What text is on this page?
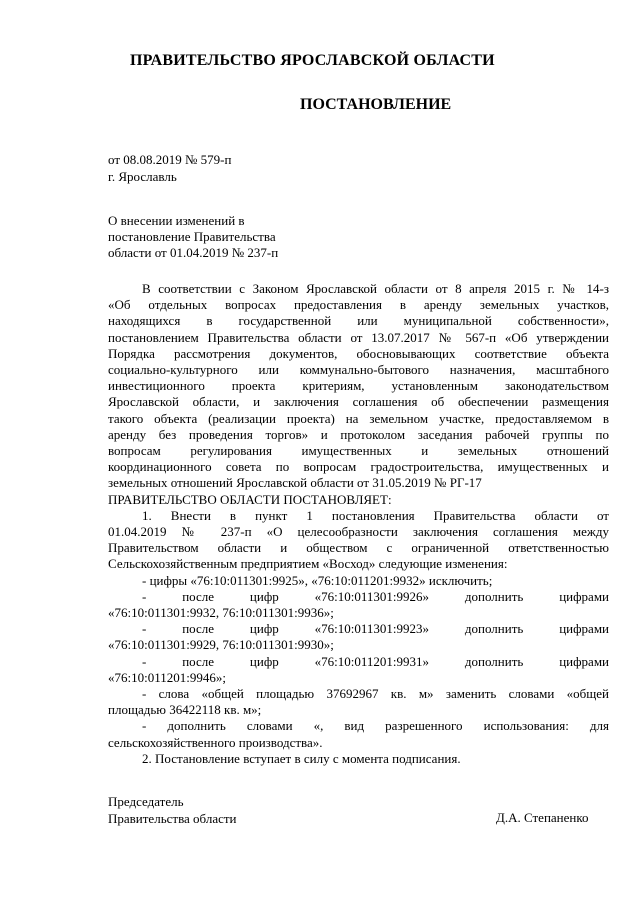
ПРАВИТЕЛЬСТВО ЯРОСЛАВСКОЙ ОБЛАСТИ
ПОСТАНОВЛЕНИЕ
от 08.08.2019 № 579-п
г. Ярославль
О внесении изменений в
постановление Правительства
области от 01.04.2019 № 237-п

В соответствии с Законом Ярославской области от 8 апреля 2015 г. № 14-з

«Об отдельных вопросах предоставления в аренду земельных участков,

находящихся в государственной или муниципальной собственности»,

постановлением Правительства области от 13.07.2017 № 567-п «Об утверждении

Порядка рассмотрения документов, обосновывающих соответствие объекта

социально-культурного или коммунально-бытового назначения, масштабного

инвестиционного проекта критериям, установленным законодательством

Ярославской области, и заключения соглашения об обеспечении размещения

такого объекта (реализации проекта) на земельном участке, предоставляемом в

аренду без проведения торгов» и протоколом заседания рабочей группы по

вопросам регулирования имущественных и земельных отношений

координационного совета по вопросам градостроительства, имущественных и

земельных отношений Ярославской области от 31.05.2019 № РГ-17

ПРАВИТЕЛЬСТВО ОБЛАСТИ ПОСТАНОВЛЯЕТ:

1. Внести в пункт 1 постановления Правительства области от

01.04.2019 № 237-п «О целесообразности заключения соглашения между

Правительством области и обществом с ограниченной ответственностью

Сельскохозяйственным предприятием «Восход» следующие изменения:

- цифры «76:10:011301:9925», «76:10:011201:9932» исключить;

- после цифр «76:10:011301:9926» дополнить цифрами

«76:10:011301:9932, 76:10:011301:9936»;

- после цифр «76:10:011301:9923» дополнить цифрами

«76:10:011301:9929, 76:10:011301:9930»;

- после цифр «76:10:011201:9931» дополнить цифрами

«76:10:011201:9946»;

- слова «общей площадью 37692967 кв. м» заменить словами «общей

площадью 36422118 кв. м»;

- дополнить словами «, вид разрешенного использования: для

сельскохозяйственного производства».

2. Постановление вступает в силу с момента подписания.

Председатель
Правительства области	Д.А. Степаненко
